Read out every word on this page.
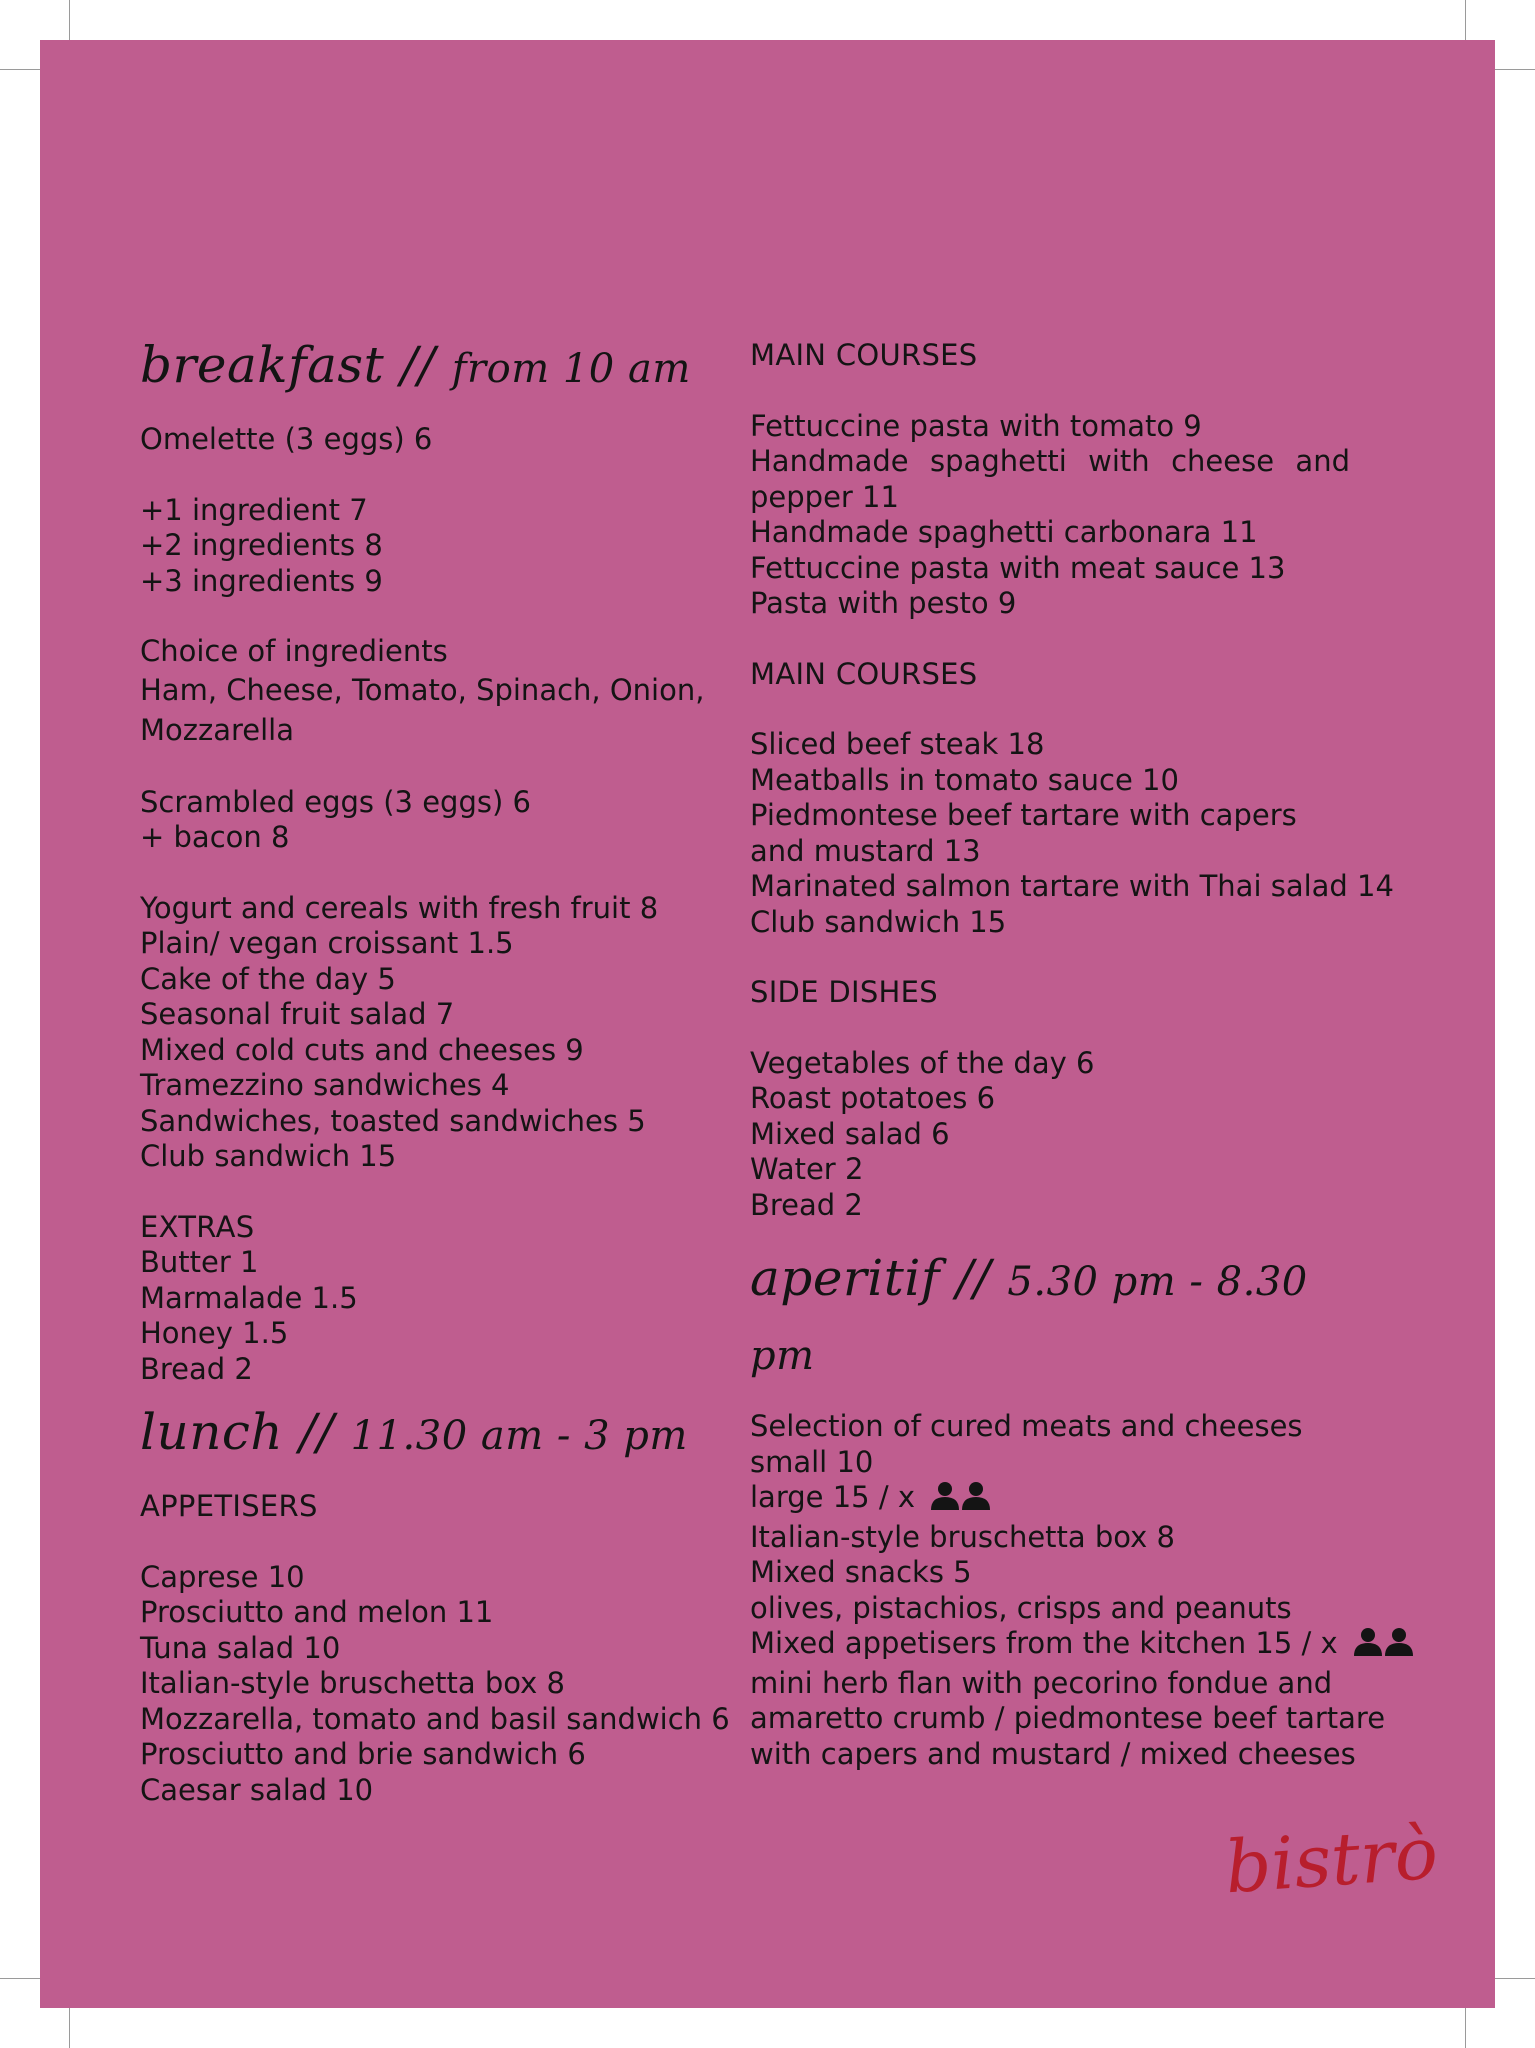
breakfast // from 10 am
Omelette (3 eggs) 6
+1 ingredient 7
+2 ingredients 8
+3 ingredients 9
Choice of ingredients
Ham, Cheese, Tomato, Spinach, Onion,
Mozzarella
Scrambled eggs (3 eggs) 6
+ bacon 8
Yogurt and cereals with fresh fruit 8
Plain/ vegan croissant 1.5
Cake of the day 5
Seasonal fruit salad 7
Mixed cold cuts and cheeses 9
Tramezzino sandwiches 4
Sandwiches, toasted sandwiches 5
Club sandwich 15
EXTRAS
Butter 1
Marmalade 1.5
Honey 1.5
Bread 2
lunch // 11.30 am - 3 pm
APPETISERS
Caprese 10
Prosciutto and melon 11
Tuna salad 10
Italian-style bruschetta box 8
Mozzarella, tomato and basil sandwich 6
Prosciutto and brie sandwich 6
Caesar salad 10
MAIN COURSES
Fettuccine pasta with tomato 9
Handmade spaghetti with cheese and pepper 11
Handmade spaghetti carbonara 11
Fettuccine pasta with meat sauce 13
Pasta with pesto 9
MAIN COURSES
Sliced beef steak 18
Meatballs in tomato sauce 10
Piedmontese beef tartare with capers and mustard 13
Marinated salmon tartare with Thai salad 14
Club sandwich 15
SIDE DISHES
Vegetables of the day 6
Roast potatoes 6
Mixed salad 6
Water 2
Bread 2
aperitif // 5.30 pm - 8.30 pm
Selection of cured meats and cheeses
small 10
large 15 / x
Italian-style bruschetta box 8
Mixed snacks 5
olives, pistachios, crisps and peanuts
Mixed appetisers from the kitchen 15 / x
mini herb flan with pecorino fondue and
amaretto crumb / piedmontese beef tartare
with capers and mustard / mixed cheeses
bistrò
